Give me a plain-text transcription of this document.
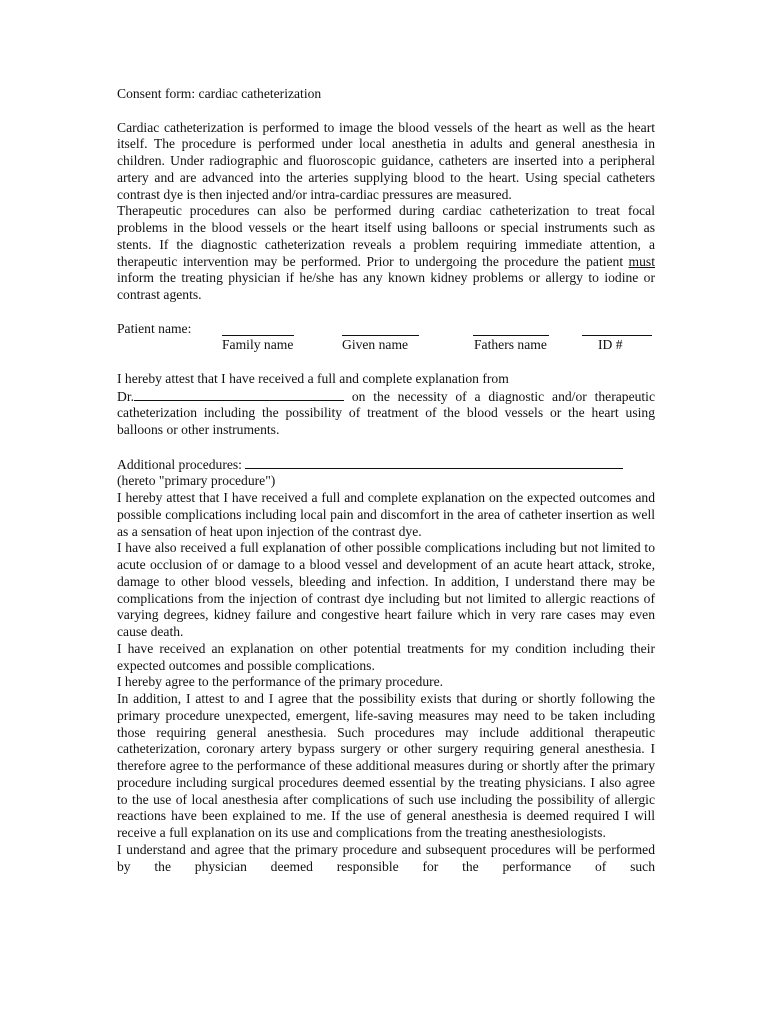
Consent form: cardiac catheterization

Cardiac catheterization is performed to image the blood vessels of the heart as well as the heart itself. The procedure is performed under local anesthetia in adults and general anesthesia in children. Under radiographic and fluoroscopic guidance, catheters are inserted into a peripheral artery and are advanced into the arteries supplying blood to the heart. Using special catheters contrast dye is then injected and/or intra-cardiac pressures are measured.

Therapeutic procedures can also be performed during cardiac catheterization to treat focal problems in the blood vessels or the heart itself using balloons or special instruments such as stents. If the diagnostic catheterization reveals a problem requiring immediate attention, a therapeutic intervention may be performed. Prior to undergoing the procedure the patient must inform the treating physician if he/she has any known kidney problems or allergy to iodine or contrast agents.

Patient name:
Family name	Given name	Fathers name	ID #

I hereby attest that I have received a full and complete explanation from

Dr.	on the necessity of a diagnostic and/or therapeutic catheterization including the possibility of treatment of the blood vessels or the heart using balloons or other instruments.

Additional procedures:

(hereto "primary procedure")

I hereby attest that I have received a full and complete explanation on the expected outcomes and possible complications including local pain and discomfort in the area of catheter insertion as well as a sensation of heat upon injection of the contrast dye.

I have also received a full explanation of other possible complications including but not limited to acute occlusion of or damage to a blood vessel and development of an acute heart attack, stroke, damage to other blood vessels, bleeding and infection. In addition, I understand there may be complications from the injection of contrast dye including but not limited to allergic reactions of varying degrees, kidney failure and congestive heart failure which in very rare cases may even cause death.

I have received an explanation on other potential treatments for my condition including their expected outcomes and possible complications.

I hereby agree to the performance of the primary procedure.

In addition, I attest to and I agree that the possibility exists that during or shortly following the primary procedure unexpected, emergent, life-saving measures may need to be taken including those requiring general anesthesia. Such procedures may include additional therapeutic catheterization, coronary artery bypass surgery or other surgery requiring general anesthesia. I therefore agree to the performance of these additional measures during or shortly after the primary procedure including surgical procedures deemed essential by the treating physicians. I also agree to the use of local anesthesia after complications of such use including the possibility of allergic reactions have been explained to me. If the use of general anesthesia is deemed required I will receive a full explanation on its use and complications from the treating anesthesiologists.

I understand and agree that the primary procedure and subsequent procedures will be performed by the physician deemed responsible for the performance of such
